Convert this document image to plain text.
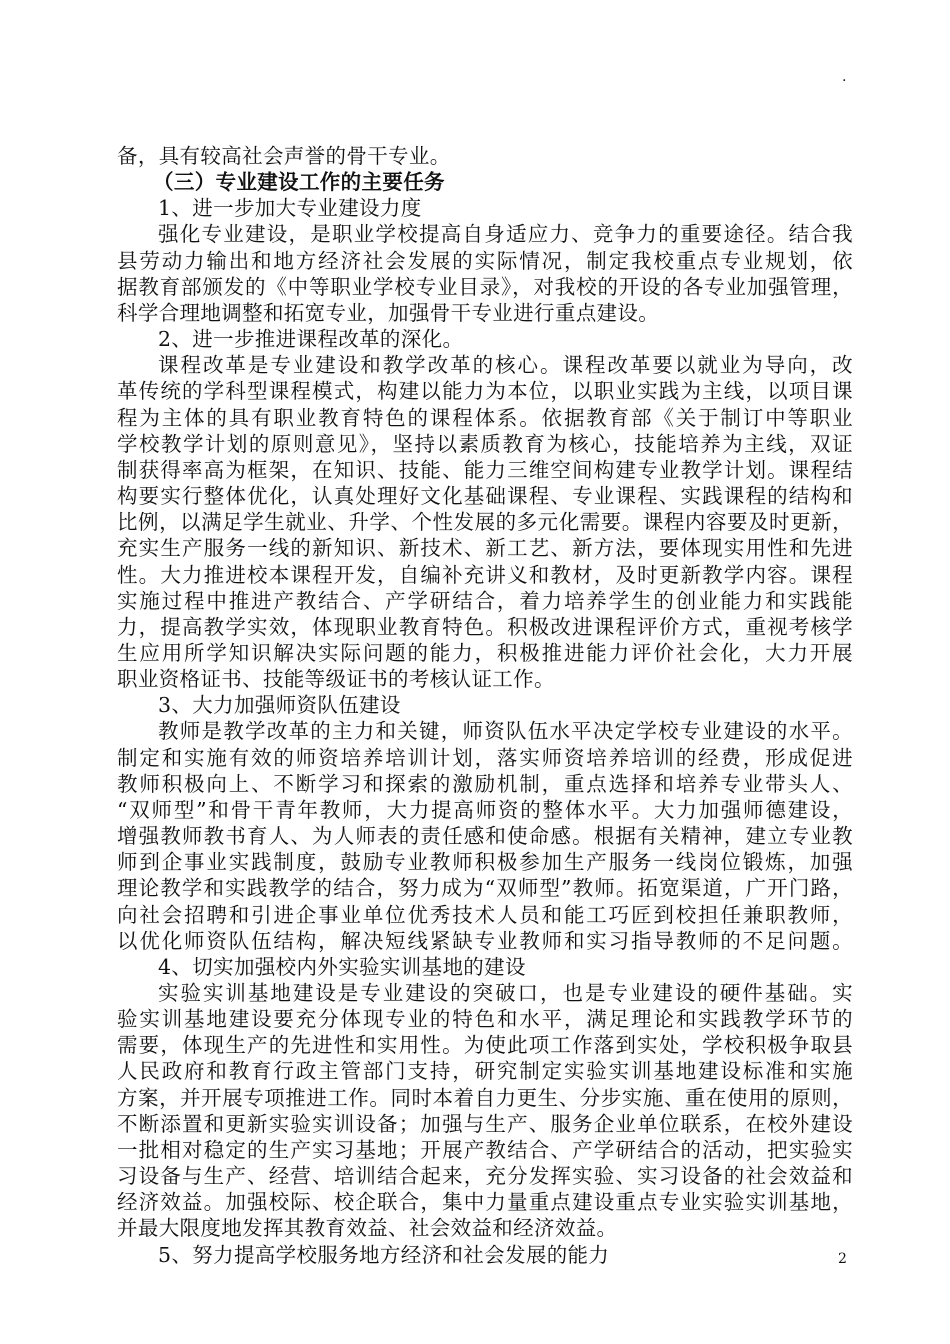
.
备，具有较高社会声誉的骨干专业。
（三）专业建设工作的主要任务
1、进一步加大专业建设力度
强化专业建设，是职业学校提高自身适应力、竞争力的重要途径。结合我
县劳动力输出和地方经济社会发展的实际情况，制定我校重点专业规划，依
据教育部颁发的《中等职业学校专业目录》，对我校的开设的各专业加强管理，
科学合理地调整和拓宽专业，加强骨干专业进行重点建设。
2、进一步推进课程改革的深化。
课程改革是专业建设和教学改革的核心。课程改革要以就业为导向，改
革传统的学科型课程模式，构建以能力为本位，以职业实践为主线，以项目课
程为主体的具有职业教育特色的课程体系。依据教育部《关于制订中等职业
学校教学计划的原则意见》，坚持以素质教育为核心，技能培养为主线，双证
制获得率高为框架，在知识、技能、能力三维空间构建专业教学计划。课程结
构要实行整体优化，认真处理好文化基础课程、专业课程、实践课程的结构和
比例，以满足学生就业、升学、个性发展的多元化需要。课程内容要及时更新，
充实生产服务一线的新知识、新技术、新工艺、新方法，要体现实用性和先进
性。大力推进校本课程开发，自编补充讲义和教材，及时更新教学内容。课程
实施过程中推进产教结合、产学研结合，着力培养学生的创业能力和实践能
力，提高教学实效，体现职业教育特色。积极改进课程评价方式，重视考核学
生应用所学知识解决实际问题的能力，积极推进能力评价社会化，大力开展
职业资格证书、技能等级证书的考核认证工作。
3、大力加强师资队伍建设
教师是教学改革的主力和关键，师资队伍水平决定学校专业建设的水平。
制定和实施有效的师资培养培训计划，落实师资培养培训的经费，形成促进
教师积极向上、不断学习和探索的激励机制，重点选择和培养专业带头人、
“双师型”和骨干青年教师，大力提高师资的整体水平。大力加强师德建设，
增强教师教书育人、为人师表的责任感和使命感。根据有关精神，建立专业教
师到企事业实践制度，鼓励专业教师积极参加生产服务一线岗位锻炼，加强
理论教学和实践教学的结合，努力成为“双师型”教师。拓宽渠道，广开门路，
向社会招聘和引进企事业单位优秀技术人员和能工巧匠到校担任兼职教师，
以优化师资队伍结构，解决短线紧缺专业教师和实习指导教师的不足问题。
4、切实加强校内外实验实训基地的建设
实验实训基地建设是专业建设的突破口，也是专业建设的硬件基础。实
验实训基地建设要充分体现专业的特色和水平，满足理论和实践教学环节的
需要，体现生产的先进性和实用性。为使此项工作落到实处，学校积极争取县
人民政府和教育行政主管部门支持，研究制定实验实训基地建设标准和实施
方案，并开展专项推进工作。同时本着自力更生、分步实施、重在使用的原则，
不断添置和更新实验实训设备；加强与生产、服务企业单位联系，在校外建设
一批相对稳定的生产实习基地；开展产教结合、产学研结合的活动，把实验实
习设备与生产、经营、培训结合起来，充分发挥实验、实习设备的社会效益和
经济效益。加强校际、校企联合，集中力量重点建设重点专业实验实训基地，
并最大限度地发挥其教育效益、社会效益和经济效益。
5、努力提高学校服务地方经济和社会发展的能力	2
